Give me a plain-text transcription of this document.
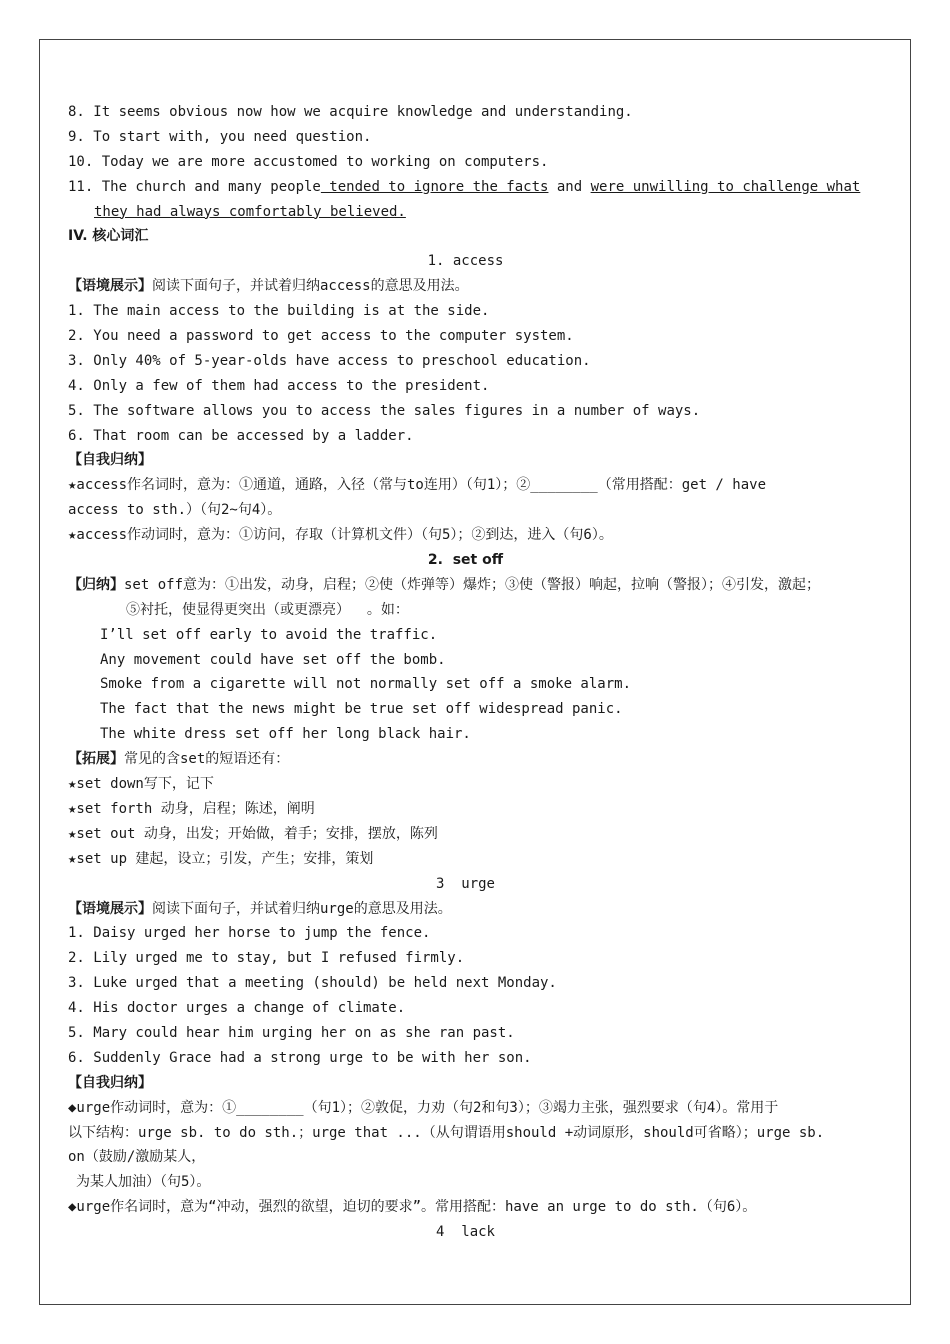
8. It seems obvious now how we acquire knowledge and understanding.
9. To start with, you need question.
10. Today we are more accustomed to working on computers.
11. The church and many people tended to ignore the facts and were unwilling to challenge what
they had always comfortably believed.
IV. 核心词汇
1. access
【语境展示】阅读下面句子，并试着归纳access的意思及用法。
1. The main access to the building is at the side.
2. You need a password to get access to the computer system.
3. Only 40% of 5-year-olds have access to preschool education.
4. Only a few of them had access to the president.
5. The software allows you to access the sales figures in a number of ways.
6. That room can be accessed by a ladder.
【自我归纳】
★access作名词时，意为：①通道，通路，入径（常与to连用）（句1）；②________（常用搭配：get / have
access to sth.）（句2~句4）。
★access作动词时，意为：①访问，存取（计算机文件）（句5）；②到达，进入（句6）。
2.  set off
【归纳】set off意为：①出发，动身，启程；②使（炸弹等）爆炸；③使（警报）响起，拉响（警报）；④引发，激起；
⑤衬托，使显得更突出（或更漂亮）  。如：
I’ll set off early to avoid the traffic.
Any movement could have set off the bomb.
Smoke from a cigarette will not normally set off a smoke alarm.
The fact that the news might be true set off widespread panic.
The white dress set off her long black hair.
【拓展】常见的含set的短语还有：
★set down写下，记下
★set forth 动身，启程；陈述，阐明
★set out 动身，出发；开始做，着手；安排，摆放，陈列
★set up 建起，设立；引发，产生；安排，策划
3  urge
【语境展示】阅读下面句子，并试着归纳urge的意思及用法。
1. Daisy urged her horse to jump the fence.
2. Lily urged me to stay, but I refused firmly.
3. Luke urged that a meeting (should) be held next Monday.
4. His doctor urges a change of climate.
5. Mary could hear him urging her on as she ran past.
6. Suddenly Grace had a strong urge to be with her son.
【自我归纳】
◆urge作动词时，意为：①________（句1）；②敦促，力劝（句2和句3）；③竭力主张，强烈要求（句4）。常用于
以下结构：urge sb. to do sth.；urge that ...（从句谓语用should +动词原形，should可省略）；urge sb.
on（鼓励/激励某人，
为某人加油）（句5）。
◆urge作名词时，意为“冲动，强烈的欲望，迫切的要求”。常用搭配：have an urge to do sth.（句6）。
4  lack
